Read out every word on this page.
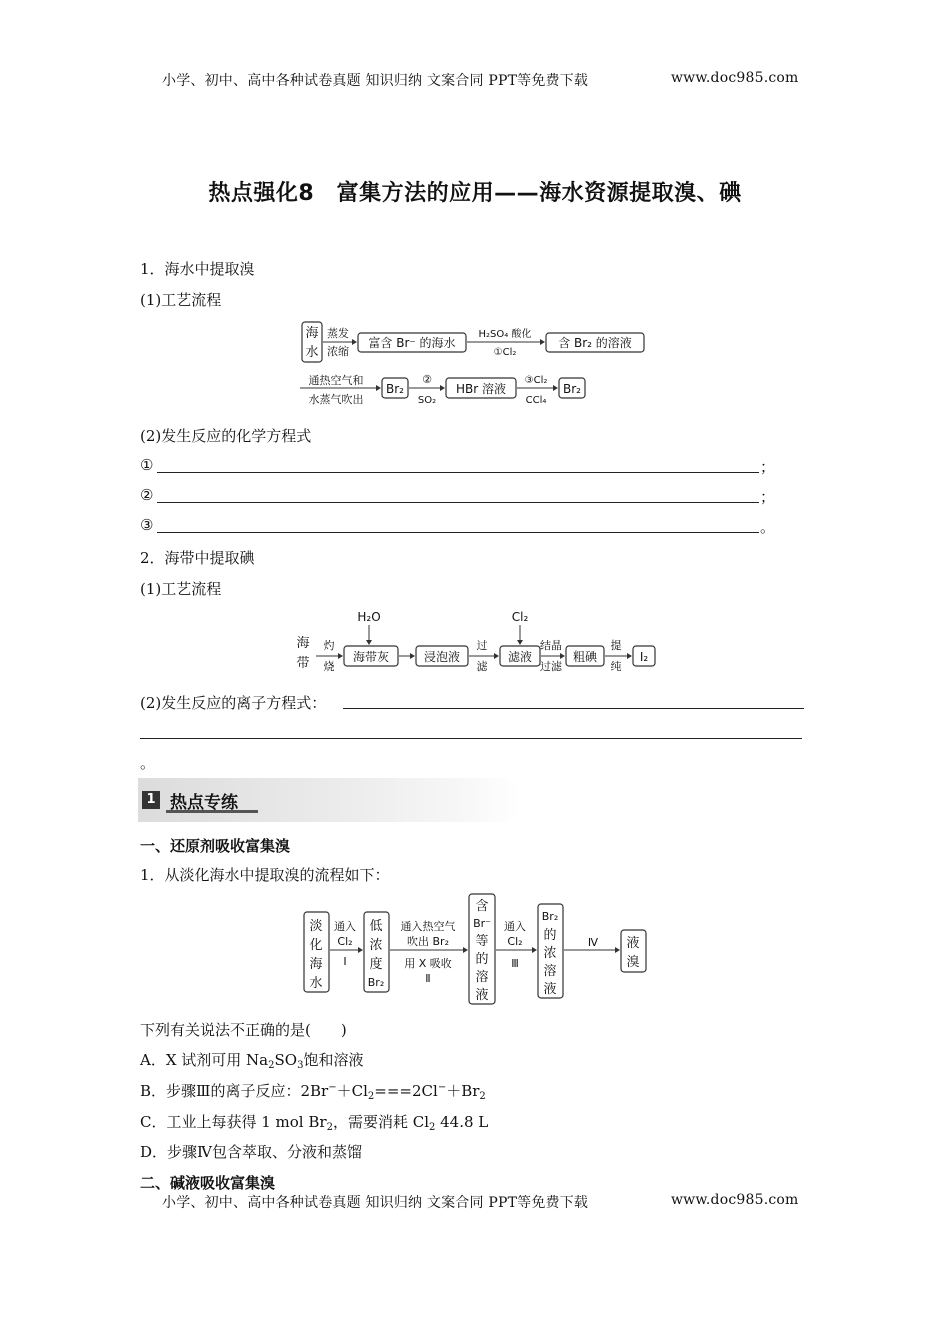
小学、初中、高中各种试卷真题 知识归纳 文案合同 PPT等免费下载	www.doc985.com
热点强化8　富集方法的应用——海水资源提取溴、碘
1．海水中提取溴
(1)工艺流程
海
水
蒸发
浓缩
富含 Br⁻ 的海水
H₂SO₄ 酸化
①Cl₂
含 Br₂ 的溶液
通热空气和
水蒸气吹出
Br₂
②
SO₂
HBr 溶液
③Cl₂
CCl₄
Br₂
(2)发生反应的化学方程式
①	；
②	；
③	。
2．海带中提取碘
(1)工艺流程
海
带
灼
烧
H₂O
海带灰	浸泡液
过
滤
Cl₂
滤液
结晶
过滤
粗碘
提
纯
I₂
(2)发生反应的离子方程式：
。
1 热点专练
一、还原剂吸收富集溴
1．从淡化海水中提取溴的流程如下：
淡
化
海
水
通入
Cl₂
Ⅰ
低
浓
度
Br₂
通入热空气
吹出 Br₂
用 X 吸收
Ⅱ
含
Br⁻
等
的
溶
液
通入
Cl₂
Ⅲ
Br₂
的
浓
溶
液
Ⅳ 液
溴
下列有关说法不正确的是(　　)
A．X 试剂可用 $Na_2SO_3$饱和溶液
B．步骤Ⅲ的离子反应：$2Br^-+Cl_2===2Cl^-+Br_2$
C．工业上每获得 1 mol $Br_2$，需要消耗 $Cl_2$ 44.8 L
D．步骤Ⅳ包含萃取、分液和蒸馏
二、碱液吸收富集溴
小学、初中、高中各种试卷真题 知识归纳 文案合同 PPT等免费下载	www.doc985.com
